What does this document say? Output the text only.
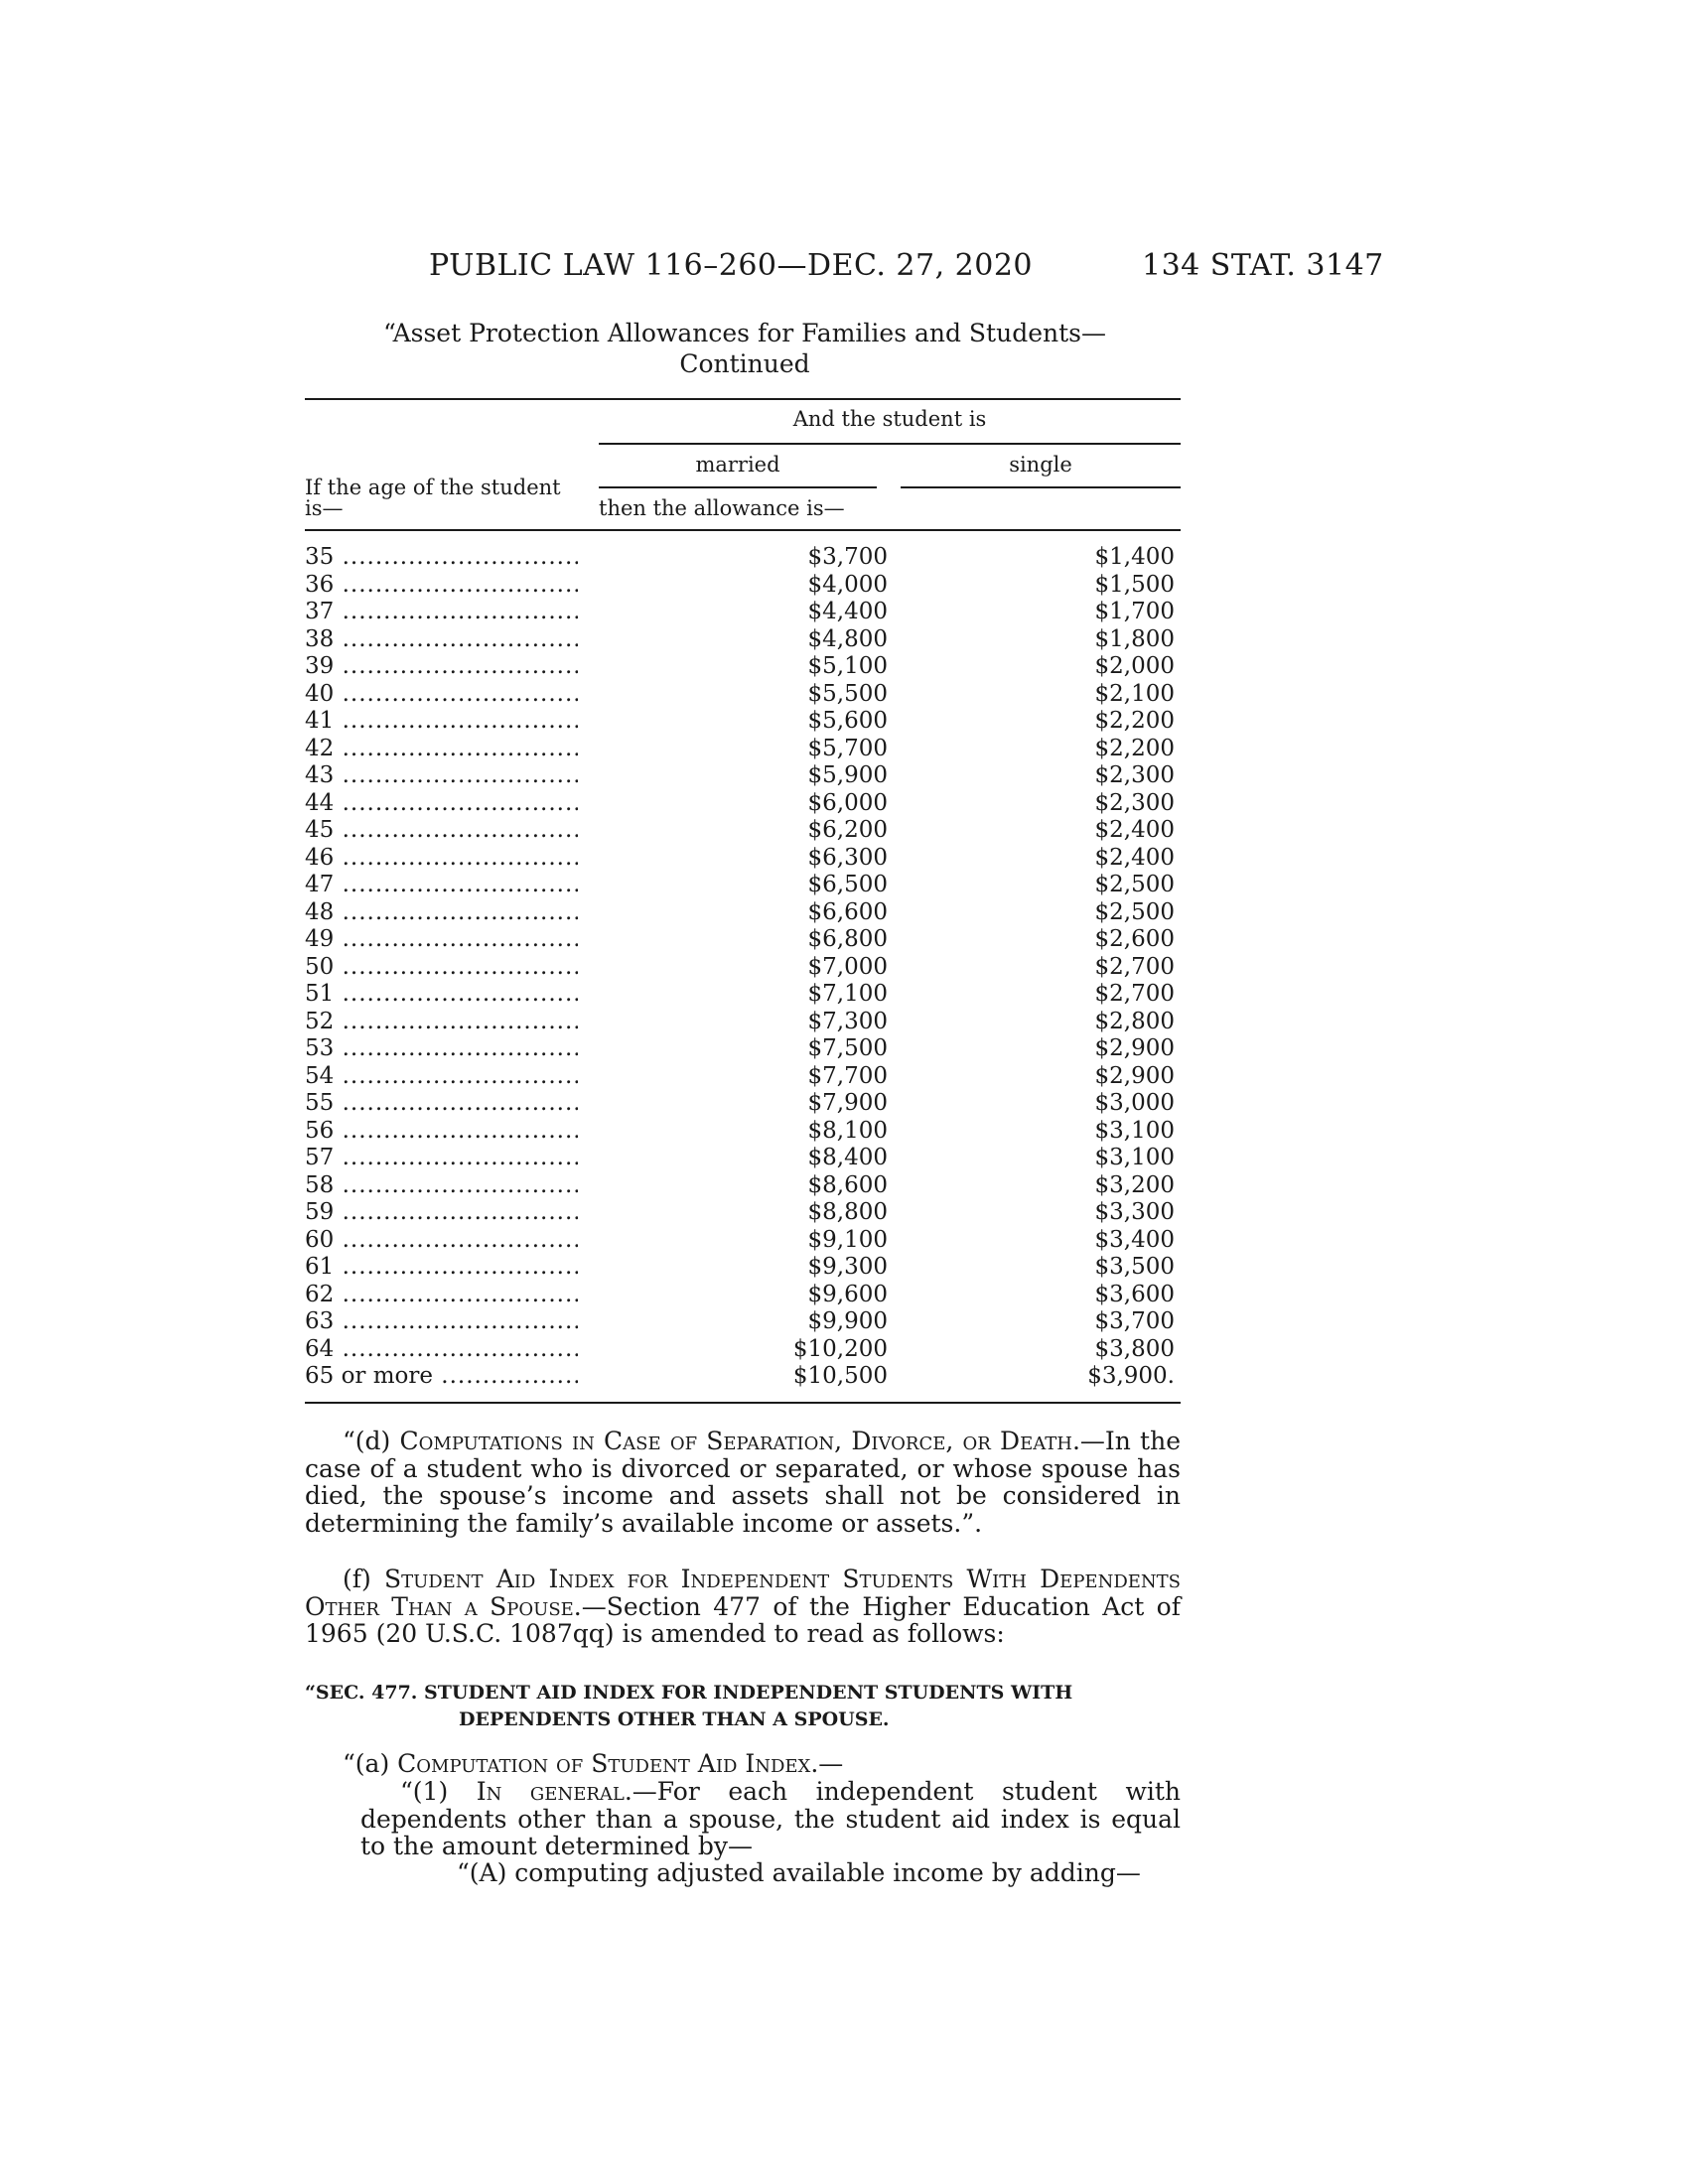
PUBLIC LAW 116–260—DEC. 27, 2020	134 STAT. 3147
“Asset Protection Allowances for Families and Students—
Continued
And the student is
married	single
If the age of the student
is—	then the allowance is—
35 .....	$3,700	$1,400
36 .....	$4,000	$1,500
37 .....	$4,400	$1,700
38 .....	$4,800	$1,800
39 .....	$5,100	$2,000
40 .....	$5,500	$2,100
41 .....	$5,600	$2,200
42 .....	$5,700	$2,200
43 .....	$5,900	$2,300
44 .....	$6,000	$2,300
45 .....	$6,200	$2,400
46 .....	$6,300	$2,400
47 .....	$6,500	$2,500
48 .....	$6,600	$2,500
49 .....	$6,800	$2,600
50 .....	$7,000	$2,700
51 .....	$7,100	$2,700
52 .....	$7,300	$2,800
53 .....	$7,500	$2,900
54 .....	$7,700	$2,900
55 .....	$7,900	$3,000
56 .....	$8,100	$3,100
57 .....	$8,400	$3,100
58 .....	$8,600	$3,200
59 .....	$8,800	$3,300
60 .....	$9,100	$3,400
61 .....	$9,300	$3,500
62 .....	$9,600	$3,600
63 .....	$9,900	$3,700
64 .....	$10,200	$3,800
65 or more .....	$10,500	$3,900.

“(d) Computations in Case of Separation, Divorce, or Death.—In the case of a student who is divorced or separated, or whose spouse has died, the spouse’s income and assets shall not be considered in determining the family’s available income or assets.”.

(f) Student Aid Index for Independent Students With Dependents Other Than a Spouse.—Section 477 of the Higher Education Act of 1965 (20 U.S.C. 1087qq) is amended to read as follows:

“SEC. 477. STUDENT AID INDEX FOR INDEPENDENT STUDENTS WITH
DEPENDENTS OTHER THAN A SPOUSE.

“(a) Computation of Student Aid Index.—

“(1) In general.—For each independent student with dependents other than a spouse, the student aid index is equal to the amount determined by—

“(A) computing adjusted available income by adding—
